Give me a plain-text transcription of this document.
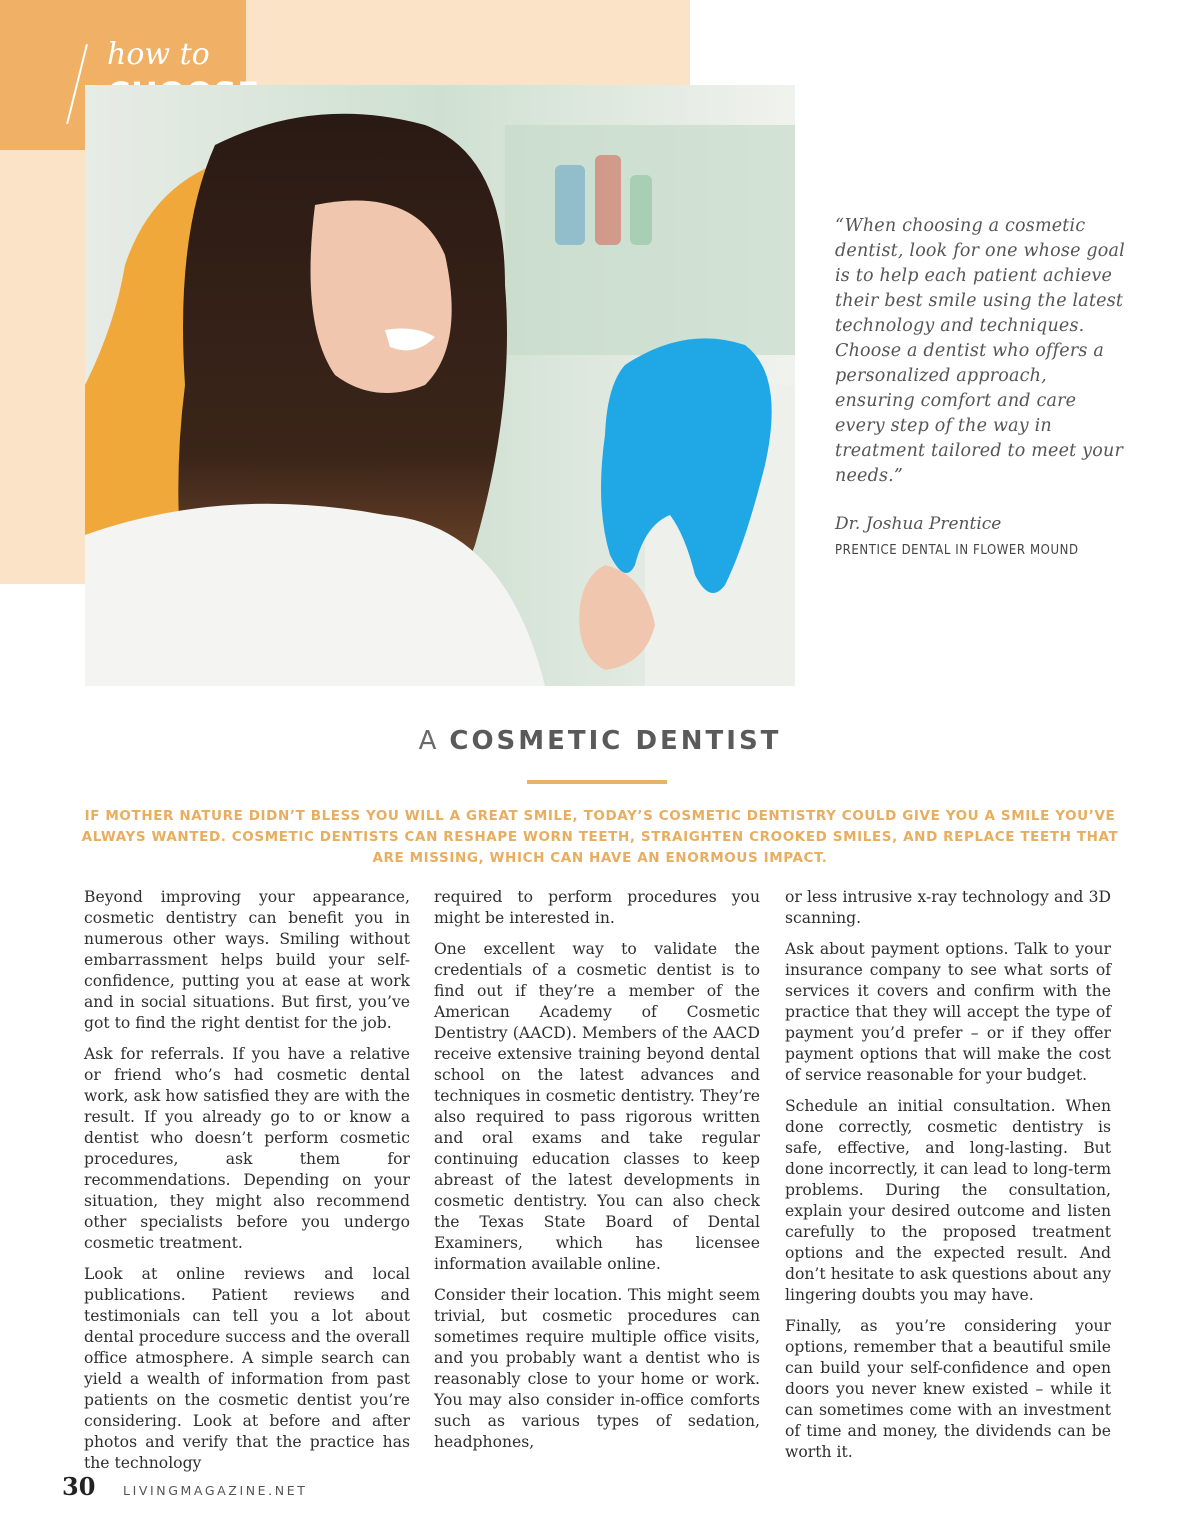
how to
“When choosing a cosmetic dentist, look for one whose goal is to help each patient achieve their best smile using the latest technology and techniques. Choose a dentist who offers a personalized approach, ensuring comfort and care every step of the way in treatment tailored to meet your needs.”
Dr. Joshua Prentice
PRENTICE DENTAL IN FLOWER MOUND
A COSMETIC DENTIST
IF MOTHER NATURE DIDN’T BLESS YOU WILL A GREAT SMILE, TODAY’S COSMETIC DENTISTRY COULD GIVE YOU A SMILE YOU’VE ALWAYS WANTED. COSMETIC DENTISTS CAN RESHAPE WORN TEETH, STRAIGHTEN CROOKED SMILES, AND REPLACE TEETH THAT ARE MISSING, WHICH CAN HAVE AN ENORMOUS IMPACT.

Beyond improving your appearance, cosmetic dentistry can benefit you in numerous other ways. Smiling without embarrassment helps build your self-confidence, putting you at ease at work and in social situations. But first, you’ve got to find the right dentist for the job.

Ask for referrals. If you have a relative or friend who’s had cosmetic dental work, ask how satisfied they are with the result. If you already go to or know a dentist who doesn’t perform cosmetic procedures, ask them for recommendations. Depending on your situation, they might also recommend other specialists before you undergo cosmetic treatment.

Look at online reviews and local publications. Patient reviews and testimonials can tell you a lot about dental procedure success and the overall office atmosphere. A simple search can yield a wealth of information from past patients on the cosmetic dentist you’re considering. Look at before and after photos and verify that the practice has the technology

required to perform procedures you might be interested in.

One excellent way to validate the credentials of a cosmetic dentist is to find out if they’re a member of the American Academy of Cosmetic Dentistry (AACD). Members of the AACD receive extensive training beyond dental school on the latest advances and techniques in cosmetic dentistry. They’re also required to pass rigorous written and oral exams and take regular continuing education classes to keep abreast of the latest developments in cosmetic dentistry. You can also check the Texas State Board of Dental Examiners, which has licensee information available online.

Consider their location. This might seem trivial, but cosmetic procedures can sometimes require multiple office visits, and you probably want a dentist who is reasonably close to your home or work. You may also consider in-office comforts such as various types of sedation, headphones,

or less intrusive x-ray technology and 3D scanning.

Ask about payment options. Talk to your insurance company to see what sorts of services it covers and confirm with the practice that they will accept the type of payment you’d prefer – or if they offer payment options that will make the cost of service reasonable for your budget.

Schedule an initial consultation. When done correctly, cosmetic dentistry is safe, effective, and long-lasting. But done incorrectly, it can lead to long-term problems. During the consultation, explain your desired outcome and listen carefully to the proposed treatment options and the expected result. And don’t hesitate to ask questions about any lingering doubts you may have.

Finally, as you’re considering your options, remember that a beautiful smile can build your self-confidence and open doors you never knew existed – while it can sometimes come with an investment of time and money, the dividends can be worth it.

30 LIVINGMAGAZINE.NET
